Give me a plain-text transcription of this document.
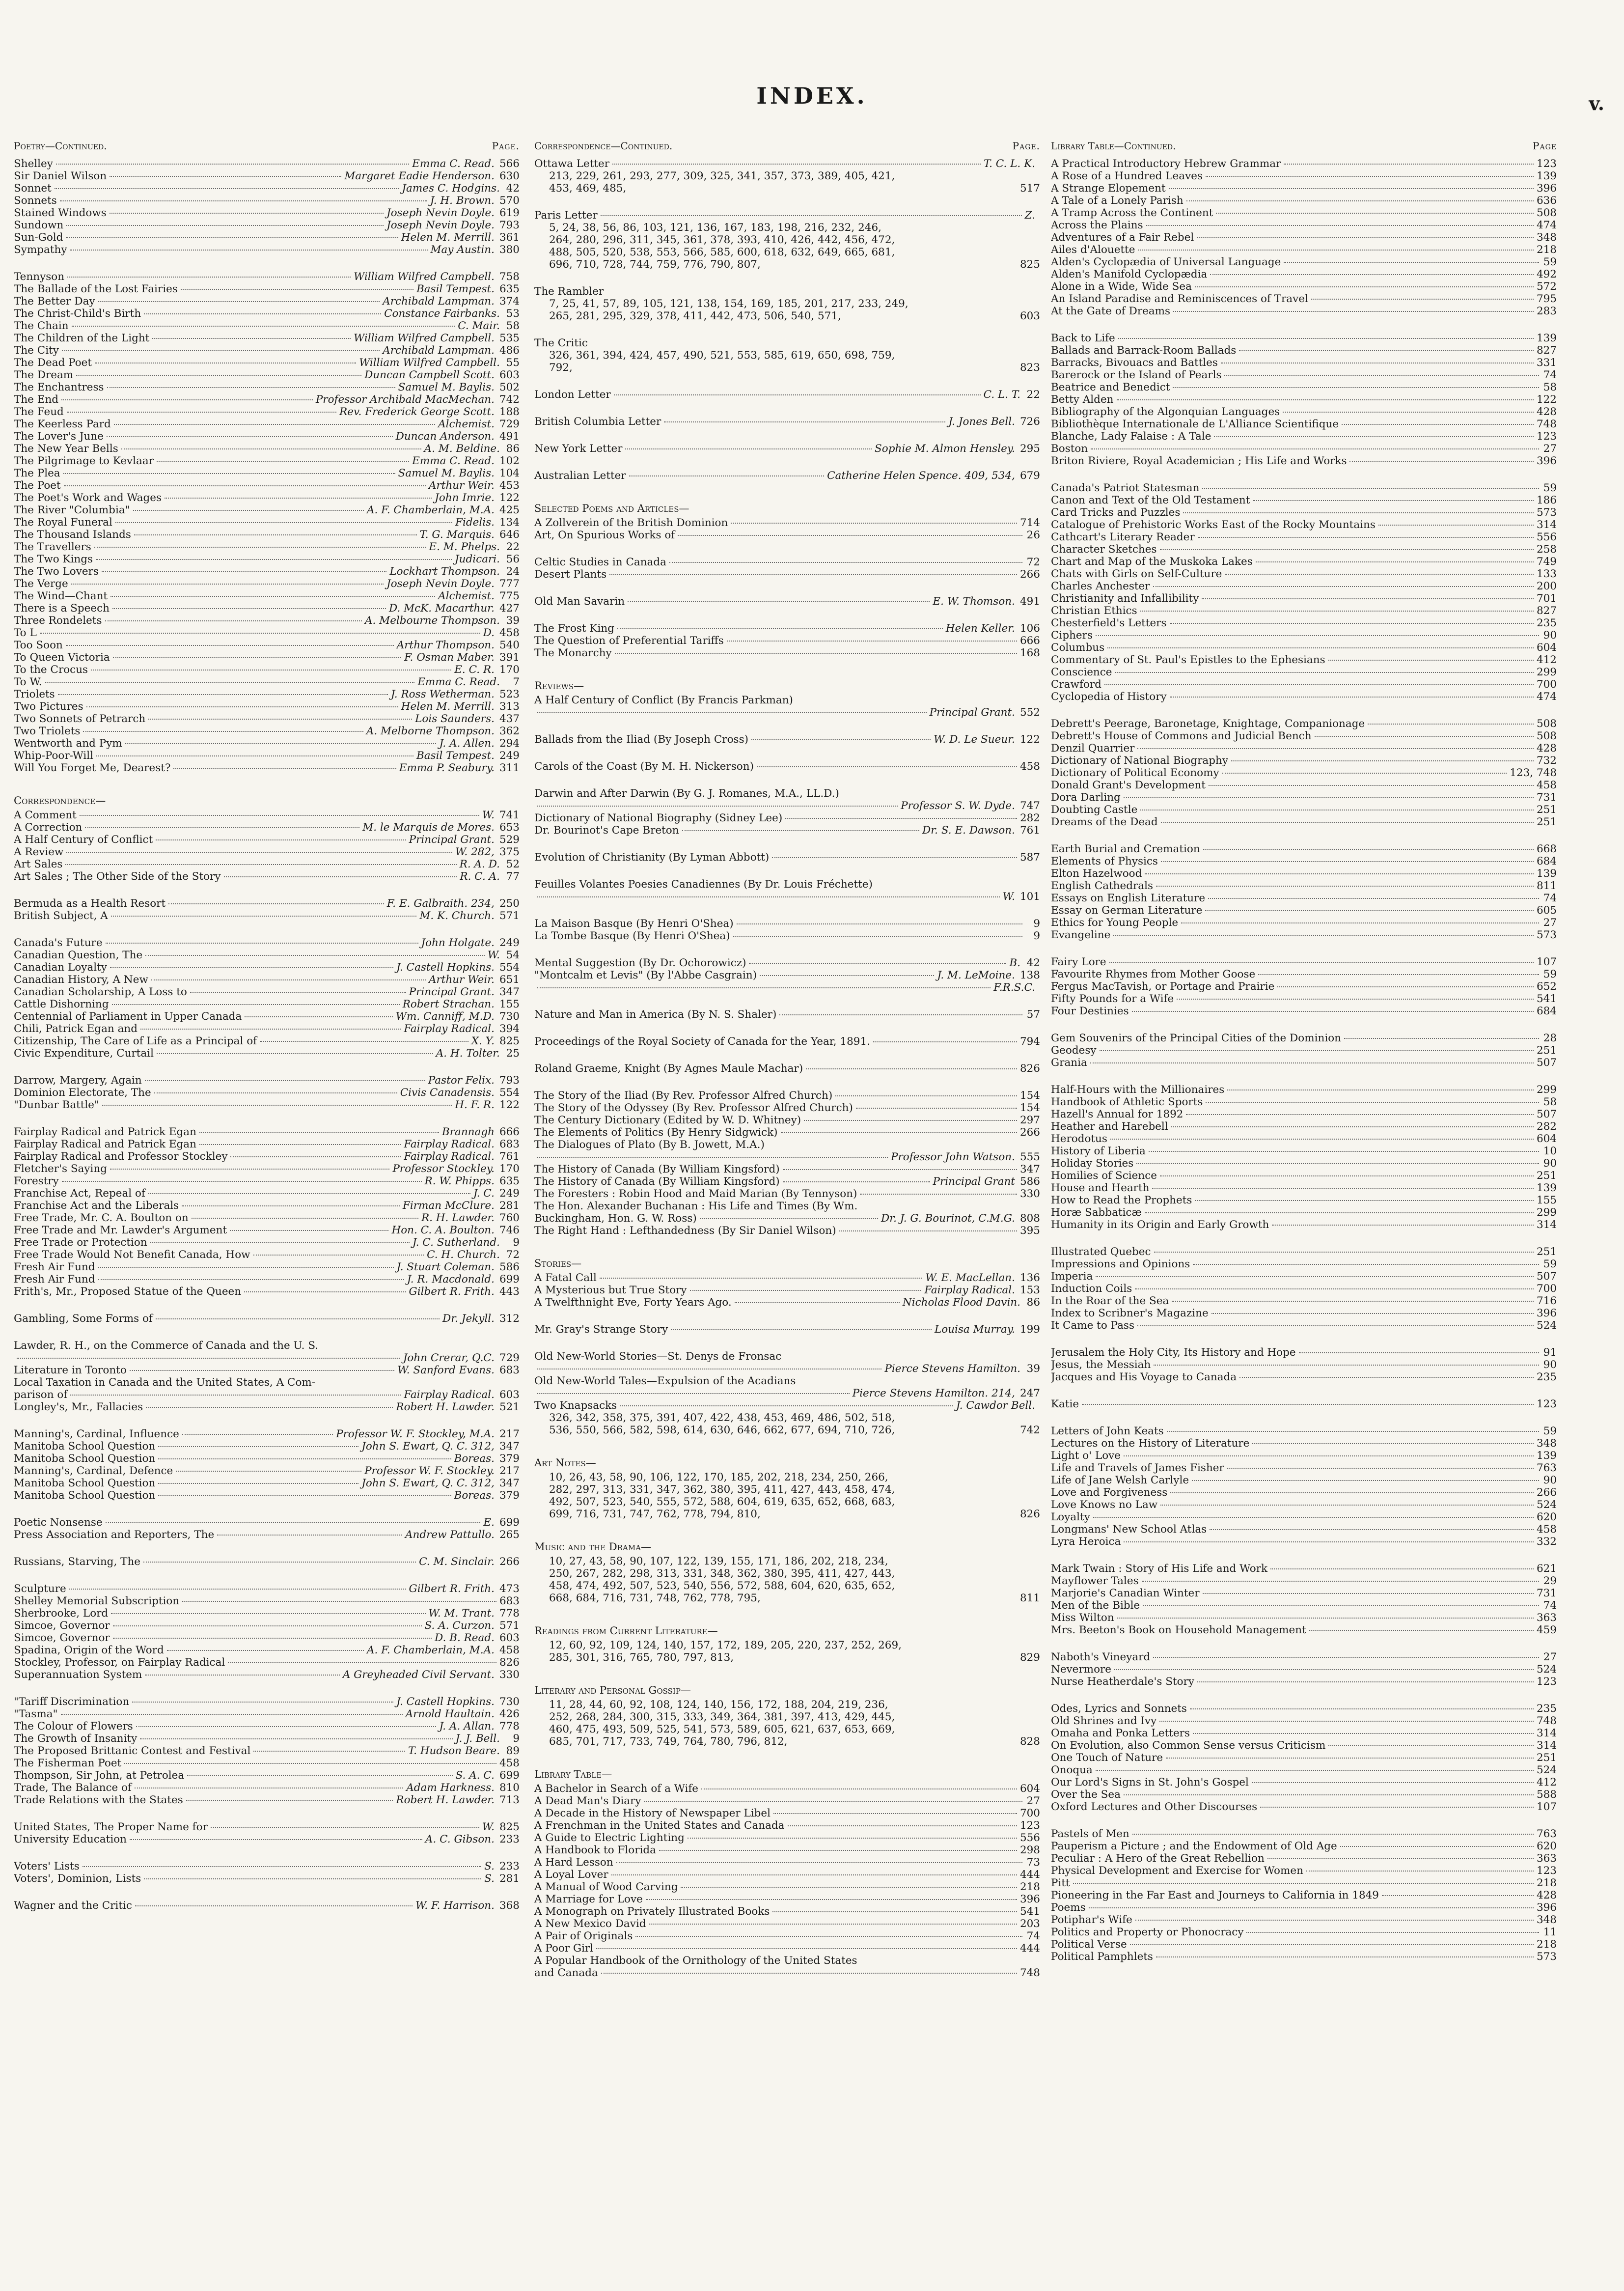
INDEX.	v.
Poetry—Continued.	Page.
Shelley	Emma C. Read. 566
Sir Daniel Wilson	Margaret Eadie Henderson. 630
Sonnet	James C. Hodgins. 42
Sonnets	J. H. Brown. 570
Stained Windows	Joseph Nevin Doyle. 619
Sundown	Joseph Nevin Doyle. 793
Sun-Gold	Helen M. Merrill. 361
Sympathy	May Austin. 380
Tennyson	William Wilfred Campbell. 758
The Ballade of the Lost Fairies	Basil Tempest. 635
The Better Day	Archibald Lampman. 374
The Christ-Child's Birth	Constance Fairbanks. 53
The Chain	C. Mair. 58
The Children of the Light	William Wilfred Campbell. 535
The City	Archibald Lampman. 486
The Dead Poet	William Wilfred Campbell. 55
The Dream	Duncan Campbell Scott. 603
The Enchantress	Samuel M. Baylis. 502
The End	Professor Archibald MacMechan. 742
The Feud	Rev. Frederick George Scott. 188
The Keerless Pard	Alchemist. 729
The Lover's June	Duncan Anderson. 491
The New Year Bells	A. M. Beldine. 86
The Pilgrimage to Kevlaar	Emma C. Read. 102
The Plea	Samuel M. Baylis. 104
The Poet	Arthur Weir. 453
The Poet's Work and Wages	John Imrie. 122
The River "Columbia"	A. F. Chamberlain, M.A. 425
The Royal Funeral	Fidelis. 134
The Thousand Islands	T. G. Marquis. 646
The Travellers	E. M. Phelps. 22
The Two Kings	Judicari. 56
The Two Lovers	Lockhart Thompson. 24
The Verge	Joseph Nevin Doyle. 777
The Wind—Chant	Alchemist. 775
There is a Speech	D. McK. Macarthur. 427
Three Rondelets	A. Melbourne Thompson. 39
To L	D. 458
Too Soon	Arthur Thompson. 540
To Queen Victoria	F. Osman Maber. 391
To the Crocus	E. C. R. 170
To W.	Emma C. Read.	7
Triolets	J. Ross Wetherman. 523
Two Pictures	Helen M. Merrill. 313
Two Sonnets of Petrarch	Lois Saunders. 437
Two Triolets	A. Melborne Thompson. 362
Wentworth and Pym	J. A. Allen. 294
Whip-Poor-Will	Basil Tempest. 249
Will You Forget Me, Dearest?	Emma P. Seabury. 311
Correspondence—
A Comment	W. 741
A Correction	M. le Marquis de Mores. 653
A Half Century of Conflict	Principal Grant. 529
A Review	W. 282, 375
Art Sales	R. A. D. 52
Art Sales ; The Other Side of the Story	R. C. A. 77
Bermuda as a Health Resort	F. E. Galbraith. 234, 250
British Subject, A	M. K. Church. 571
Canada's Future	John Holgate. 249
Canadian Question, The	W. 54
Canadian Loyalty	J. Castell Hopkins. 554
Canadian History, A New	Arthur Weir. 651
Canadian Scholarship, A Loss to	Principal Grant. 347
Cattle Dishorning	Robert Strachan. 155
Centennial of Parliament in Upper Canada	Wm. Canniff, M.D. 730
Chili, Patrick Egan and	Fairplay Radical. 394
Citizenship, The Care of Life as a Principal of	X. Y. 825
Civic Expenditure, Curtail	A. H. Tolter. 25
Darrow, Margery, Again	Pastor Felix. 793
Dominion Electorate, The	Civis Canadensis. 554
"Dunbar Battle"	H. F. R. 122
Fairplay Radical and Patrick Egan	Brannagh 666
Fairplay Radical and Patrick Egan	Fairplay Radical. 683
Fairplay Radical and Professor Stockley	Fairplay Radical. 761
Fletcher's Saying	Professor Stockley. 170
Forestry	R. W. Phipps. 635
Franchise Act, Repeal of	J. C. 249
Franchise Act and the Liberals	Firman McClure. 281
Free Trade, Mr. C. A. Boulton on	R. H. Lawder. 760
Free Trade and Mr. Lawder's Argument	Hon. C. A. Boulton. 746
Free Trade or Protection	J. C. Sutherland.	9
Free Trade Would Not Benefit Canada, How	C. H. Church. 72
Fresh Air Fund	J. Stuart Coleman. 586
Fresh Air Fund	J. R. Macdonald. 699
Frith's, Mr., Proposed Statue of the Queen	Gilbert R. Frith. 443
Gambling, Some Forms of	Dr. Jekyll. 312
Lawder, R. H., on the Commerce of Canada and the U. S.
John Crerar, Q.C. 729
Literature in Toronto	W. Sanford Evans. 683
Local Taxation in Canada and the United States, A Com-
parison of	Fairplay Radical. 603
Longley's, Mr., Fallacies	Robert H. Lawder. 521
Manning's, Cardinal, Influence	Professor W. F. Stockley, M.A. 217
Manitoba School Question	John S. Ewart, Q. C. 312, 347
Manitoba School Question	Boreas. 379
Manning's, Cardinal, Defence	Professor W. F. Stockley. 217
Manitoba School Question	John S. Ewart, Q. C. 312, 347
Manitoba School Question	Boreas. 379
Poetic Nonsense	E. 699
Press Association and Reporters, The	Andrew Pattullo. 265
Russians, Starving, The	C. M. Sinclair. 266
Sculpture	Gilbert R. Frith. 473
Shelley Memorial Subscription	683
Sherbrooke, Lord	W. M. Trant. 778
Simcoe, Governor	S. A. Curzon. 571
Simcoe, Governor	D. B. Read. 603
Spadina, Origin of the Word	A. F. Chamberlain, M.A. 458
Stockley, Professor, on Fairplay Radical	826
Superannuation System	A Greyheaded Civil Servant. 330
"Tariff Discrimination	J. Castell Hopkins. 730
"Tasma"	Arnold Haultain. 426
The Colour of Flowers	J. A. Allan. 778
The Growth of Insanity	J. J. Bell.	9
The Proposed Brittanic Contest and Festival	T. Hudson Beare. 89
The Fisherman Poet	458
Thompson, Sir John, at Petrolea	S. A. C. 699
Trade, The Balance of	Adam Harkness. 810
Trade Relations with the States	Robert H. Lawder. 713
United States, The Proper Name for	W. 825
University Education	A. C. Gibson. 233
Voters' Lists	S. 233
Voters', Dominion, Lists	S. 281
Wagner and the Critic	W. F. Harrison. 368
Correspondence—Continued.	Page.
Ottawa Letter	T. C. L. K.
213, 229, 261, 293, 277, 309, 325, 341, 357, 373, 389, 405, 421,
453, 469, 485,	517
Paris Letter	Z.
5, 24, 38, 56, 86, 103, 121, 136, 167, 183, 198, 216, 232, 246,
264, 280, 296, 311, 345, 361, 378, 393, 410, 426, 442, 456, 472,
488, 505, 520, 538, 553, 566, 585, 600, 618, 632, 649, 665, 681,
696, 710, 728, 744, 759, 776, 790, 807,	825
The Rambler
7, 25, 41, 57, 89, 105, 121, 138, 154, 169, 185, 201, 217, 233, 249,
265, 281, 295, 329, 378, 411, 442, 473, 506, 540, 571,	603
The Critic
326, 361, 394, 424, 457, 490, 521, 553, 585, 619, 650, 698, 759,
792,	823
London Letter	C. L. T. 22
British Columbia Letter	J. Jones Bell. 726
New York Letter	Sophie M. Almon Hensley. 295
Australian Letter	Catherine Helen Spence. 409, 534, 679
Selected Poems and Articles—
A Zollverein of the British Dominion	714
Art, On Spurious Works of	26
Celtic Studies in Canada	72
Desert Plants	266
Old Man Savarin	E. W. Thomson. 491
The Frost King	Helen Keller. 106
The Question of Preferential Tariffs	666
The Monarchy	168
Reviews—
A Half Century of Conflict (By Francis Parkman)
Principal Grant. 552
Ballads from the Iliad (By Joseph Cross)	W. D. Le Sueur. 122
Carols of the Coast (By M. H. Nickerson)	458
Darwin and After Darwin (By G. J. Romanes, M.A., LL.D.)
Professor S. W. Dyde. 747
Dictionary of National Biography (Sidney Lee)	282
Dr. Bourinot's Cape Breton	Dr. S. E. Dawson. 761
Evolution of Christianity (By Lyman Abbott)	587
Feuilles Volantes Poesies Canadiennes (By Dr. Louis Fréchette)
W. 101
La Maison Basque (By Henri O'Shea)	9
La Tombe Basque (By Henri O'Shea)	9
Mental Suggestion (By Dr. Ochorowicz)	B. 42
"Montcalm et Levis" (By l'Abbe Casgrain)	J. M. LeMoine. 138
F.R.S.C.
Nature and Man in America (By N. S. Shaler)	57
Proceedings of the Royal Society of Canada for the Year, 1891.	794
Roland Graeme, Knight (By Agnes Maule Machar)	826
The Story of the Iliad (By Rev. Professor Alfred Church)	154
The Story of the Odyssey (By Rev. Professor Alfred Church)	154
The Century Dictionary (Edited by W. D. Whitney)	297
The Elements of Politics (By Henry Sidgwick)	266
The Dialogues of Plato (By B. Jowett, M.A.)
Professor John Watson. 555
The History of Canada (By William Kingsford)	347
The History of Canada (By William Kingsford)	Principal Grant 586
The Foresters : Robin Hood and Maid Marian (By Tennyson)	330
The Hon. Alexander Buchanan : His Life and Times (By Wm.
Buckingham, Hon. G. W. Ross)	Dr. J. G. Bourinot, C.M.G. 808
The Right Hand : Lefthandedness (By Sir Daniel Wilson)	395
Stories—
A Fatal Call	W. E. MacLellan. 136
A Mysterious but True Story	Fairplay Radical. 153
A Twelfthnight Eve, Forty Years Ago.	Nicholas Flood Davin. 86
Mr. Gray's Strange Story	Louisa Murray. 199
Old New-World Stories—St. Denys de Fronsac
Pierce Stevens Hamilton. 39
Old New-World Tales—Expulsion of the Acadians
Pierce Stevens Hamilton. 214, 247
Two Knapsacks	J. Cawdor Bell.
326, 342, 358, 375, 391, 407, 422, 438, 453, 469, 486, 502, 518,
536, 550, 566, 582, 598, 614, 630, 646, 662, 677, 694, 710, 726,	742
Art Notes—
10, 26, 43, 58, 90, 106, 122, 170, 185, 202, 218, 234, 250, 266,
282, 297, 313, 331, 347, 362, 380, 395, 411, 427, 443, 458, 474,
492, 507, 523, 540, 555, 572, 588, 604, 619, 635, 652, 668, 683,
699, 716, 731, 747, 762, 778, 794, 810,	826
Music and the Drama—
10, 27, 43, 58, 90, 107, 122, 139, 155, 171, 186, 202, 218, 234,
250, 267, 282, 298, 313, 331, 348, 362, 380, 395, 411, 427, 443,
458, 474, 492, 507, 523, 540, 556, 572, 588, 604, 620, 635, 652,
668, 684, 716, 731, 748, 762, 778, 795,	811
Readings from Current Literature—
12, 60, 92, 109, 124, 140, 157, 172, 189, 205, 220, 237, 252, 269,
285, 301, 316, 765, 780, 797, 813,	829
Literary and Personal Gossip—
11, 28, 44, 60, 92, 108, 124, 140, 156, 172, 188, 204, 219, 236,
252, 268, 284, 300, 315, 333, 349, 364, 381, 397, 413, 429, 445,
460, 475, 493, 509, 525, 541, 573, 589, 605, 621, 637, 653, 669,
685, 701, 717, 733, 749, 764, 780, 796, 812,	828
Library Table—
A Bachelor in Search of a Wife	604
A Dead Man's Diary	27
A Decade in the History of Newspaper Libel	700
A Frenchman in the United States and Canada	123
A Guide to Electric Lighting	556
A Handbook to Florida	298
A Hard Lesson	73
A Loyal Lover	444
A Manual of Wood Carving	218
A Marriage for Love	396
A Monograph on Privately Illustrated Books	541
A New Mexico David	203
A Pair of Originals	74
A Poor Girl	444
A Popular Handbook of the Ornithology of the United States
and Canada	748
Library Table—Continued.	Page
A Practical Introductory Hebrew Grammar	123
A Rose of a Hundred Leaves	139
A Strange Elopement	396
A Tale of a Lonely Parish	636
A Tramp Across the Continent	508
Across the Plains	474
Adventures of a Fair Rebel	348
Ailes d'Alouette	218
Alden's Cyclopædia of Universal Language	59
Alden's Manifold Cyclopædia	492
Alone in a Wide, Wide Sea	572
An Island Paradise and Reminiscences of Travel	795
At the Gate of Dreams	283
Back to Life	139
Ballads and Barrack-Room Ballads	827
Barracks, Bivouacs and Battles	331
Barerock or the Island of Pearls	74
Beatrice and Benedict	58
Betty Alden	122
Bibliography of the Algonquian Languages	428
Bibliothèque Internationale de L'Alliance Scientifique	748
Blanche, Lady Falaise : A Tale	123
Boston	27
Briton Riviere, Royal Academician ; His Life and Works	396
Canada's Patriot Statesman	59
Canon and Text of the Old Testament	186
Card Tricks and Puzzles	573
Catalogue of Prehistoric Works East of the Rocky Mountains	314
Cathcart's Literary Reader	556
Character Sketches	258
Chart and Map of the Muskoka Lakes	749
Chats with Girls on Self-Culture	133
Charles Anchester	200
Christianity and Infallibility	701
Christian Ethics	827
Chesterfield's Letters	235
Ciphers	90
Columbus	604
Commentary of St. Paul's Epistles to the Ephesians	412
Conscience	299
Crawford	700
Cyclopedia of History	474
Debrett's Peerage, Baronetage, Knightage, Companionage	508
Debrett's House of Commons and Judicial Bench	508
Denzil Quarrier	428
Dictionary of National Biography	732
Dictionary of Political Economy	123, 748
Donald Grant's Development	458
Dora Darling	731
Doubting Castle	251
Dreams of the Dead	251
Earth Burial and Cremation	668
Elements of Physics	684
Elton Hazelwood	139
English Cathedrals	811
Essays on English Literature	74
Essay on German Literature	605
Ethics for Young People	27
Evangeline	573
Fairy Lore	107
Favourite Rhymes from Mother Goose	59
Fergus MacTavish, or Portage and Prairie	652
Fifty Pounds for a Wife	541
Four Destinies	684
Gem Souvenirs of the Principal Cities of the Dominion	28
Geodesy	251
Grania	507
Half-Hours with the Millionaires	299
Handbook of Athletic Sports	58
Hazell's Annual for 1892	507
Heather and Harebell	282
Herodotus	604
History of Liberia	10
Holiday Stories	90
Homilies of Science	251
House and Hearth	139
How to Read the Prophets	155
Horæ Sabbaticæ	299
Humanity in its Origin and Early Growth	314
Illustrated Quebec	251
Impressions and Opinions	59
Imperia	507
Induction Coils	700
In the Roar of the Sea	716
Index to Scribner's Magazine	396
It Came to Pass	524
Jerusalem the Holy City, Its History and Hope	91
Jesus, the Messiah	90
Jacques and His Voyage to Canada	235
Katie	123
Letters of John Keats	59
Lectures on the History of Literature	348
Light o' Love	139
Life and Travels of James Fisher	763
Life of Jane Welsh Carlyle	90
Love and Forgiveness	266
Love Knows no Law	524
Loyalty	620
Longmans' New School Atlas	458
Lyra Heroica	332
Mark Twain : Story of His Life and Work	621
Mayflower Tales	29
Marjorie's Canadian Winter	731
Men of the Bible	74
Miss Wilton	363
Mrs. Beeton's Book on Household Management	459
Naboth's Vineyard	27
Nevermore	524
Nurse Heatherdale's Story	123
Odes, Lyrics and Sonnets	235
Old Shrines and Ivy	748
Omaha and Ponka Letters	314
On Evolution, also Common Sense versus Criticism	314
One Touch of Nature	251
Onoqua	524
Our Lord's Signs in St. John's Gospel	412
Over the Sea	588
Oxford Lectures and Other Discourses	107
Pastels of Men	763
Pauperism a Picture ; and the Endowment of Old Age	620
Peculiar : A Hero of the Great Rebellion	363
Physical Development and Exercise for Women	123
Pitt	218
Pioneering in the Far East and Journeys to California in 1849	428
Poems	396
Potiphar's Wife	348
Politics and Property or Phonocracy	11
Political Verse	218
Political Pamphlets	573
